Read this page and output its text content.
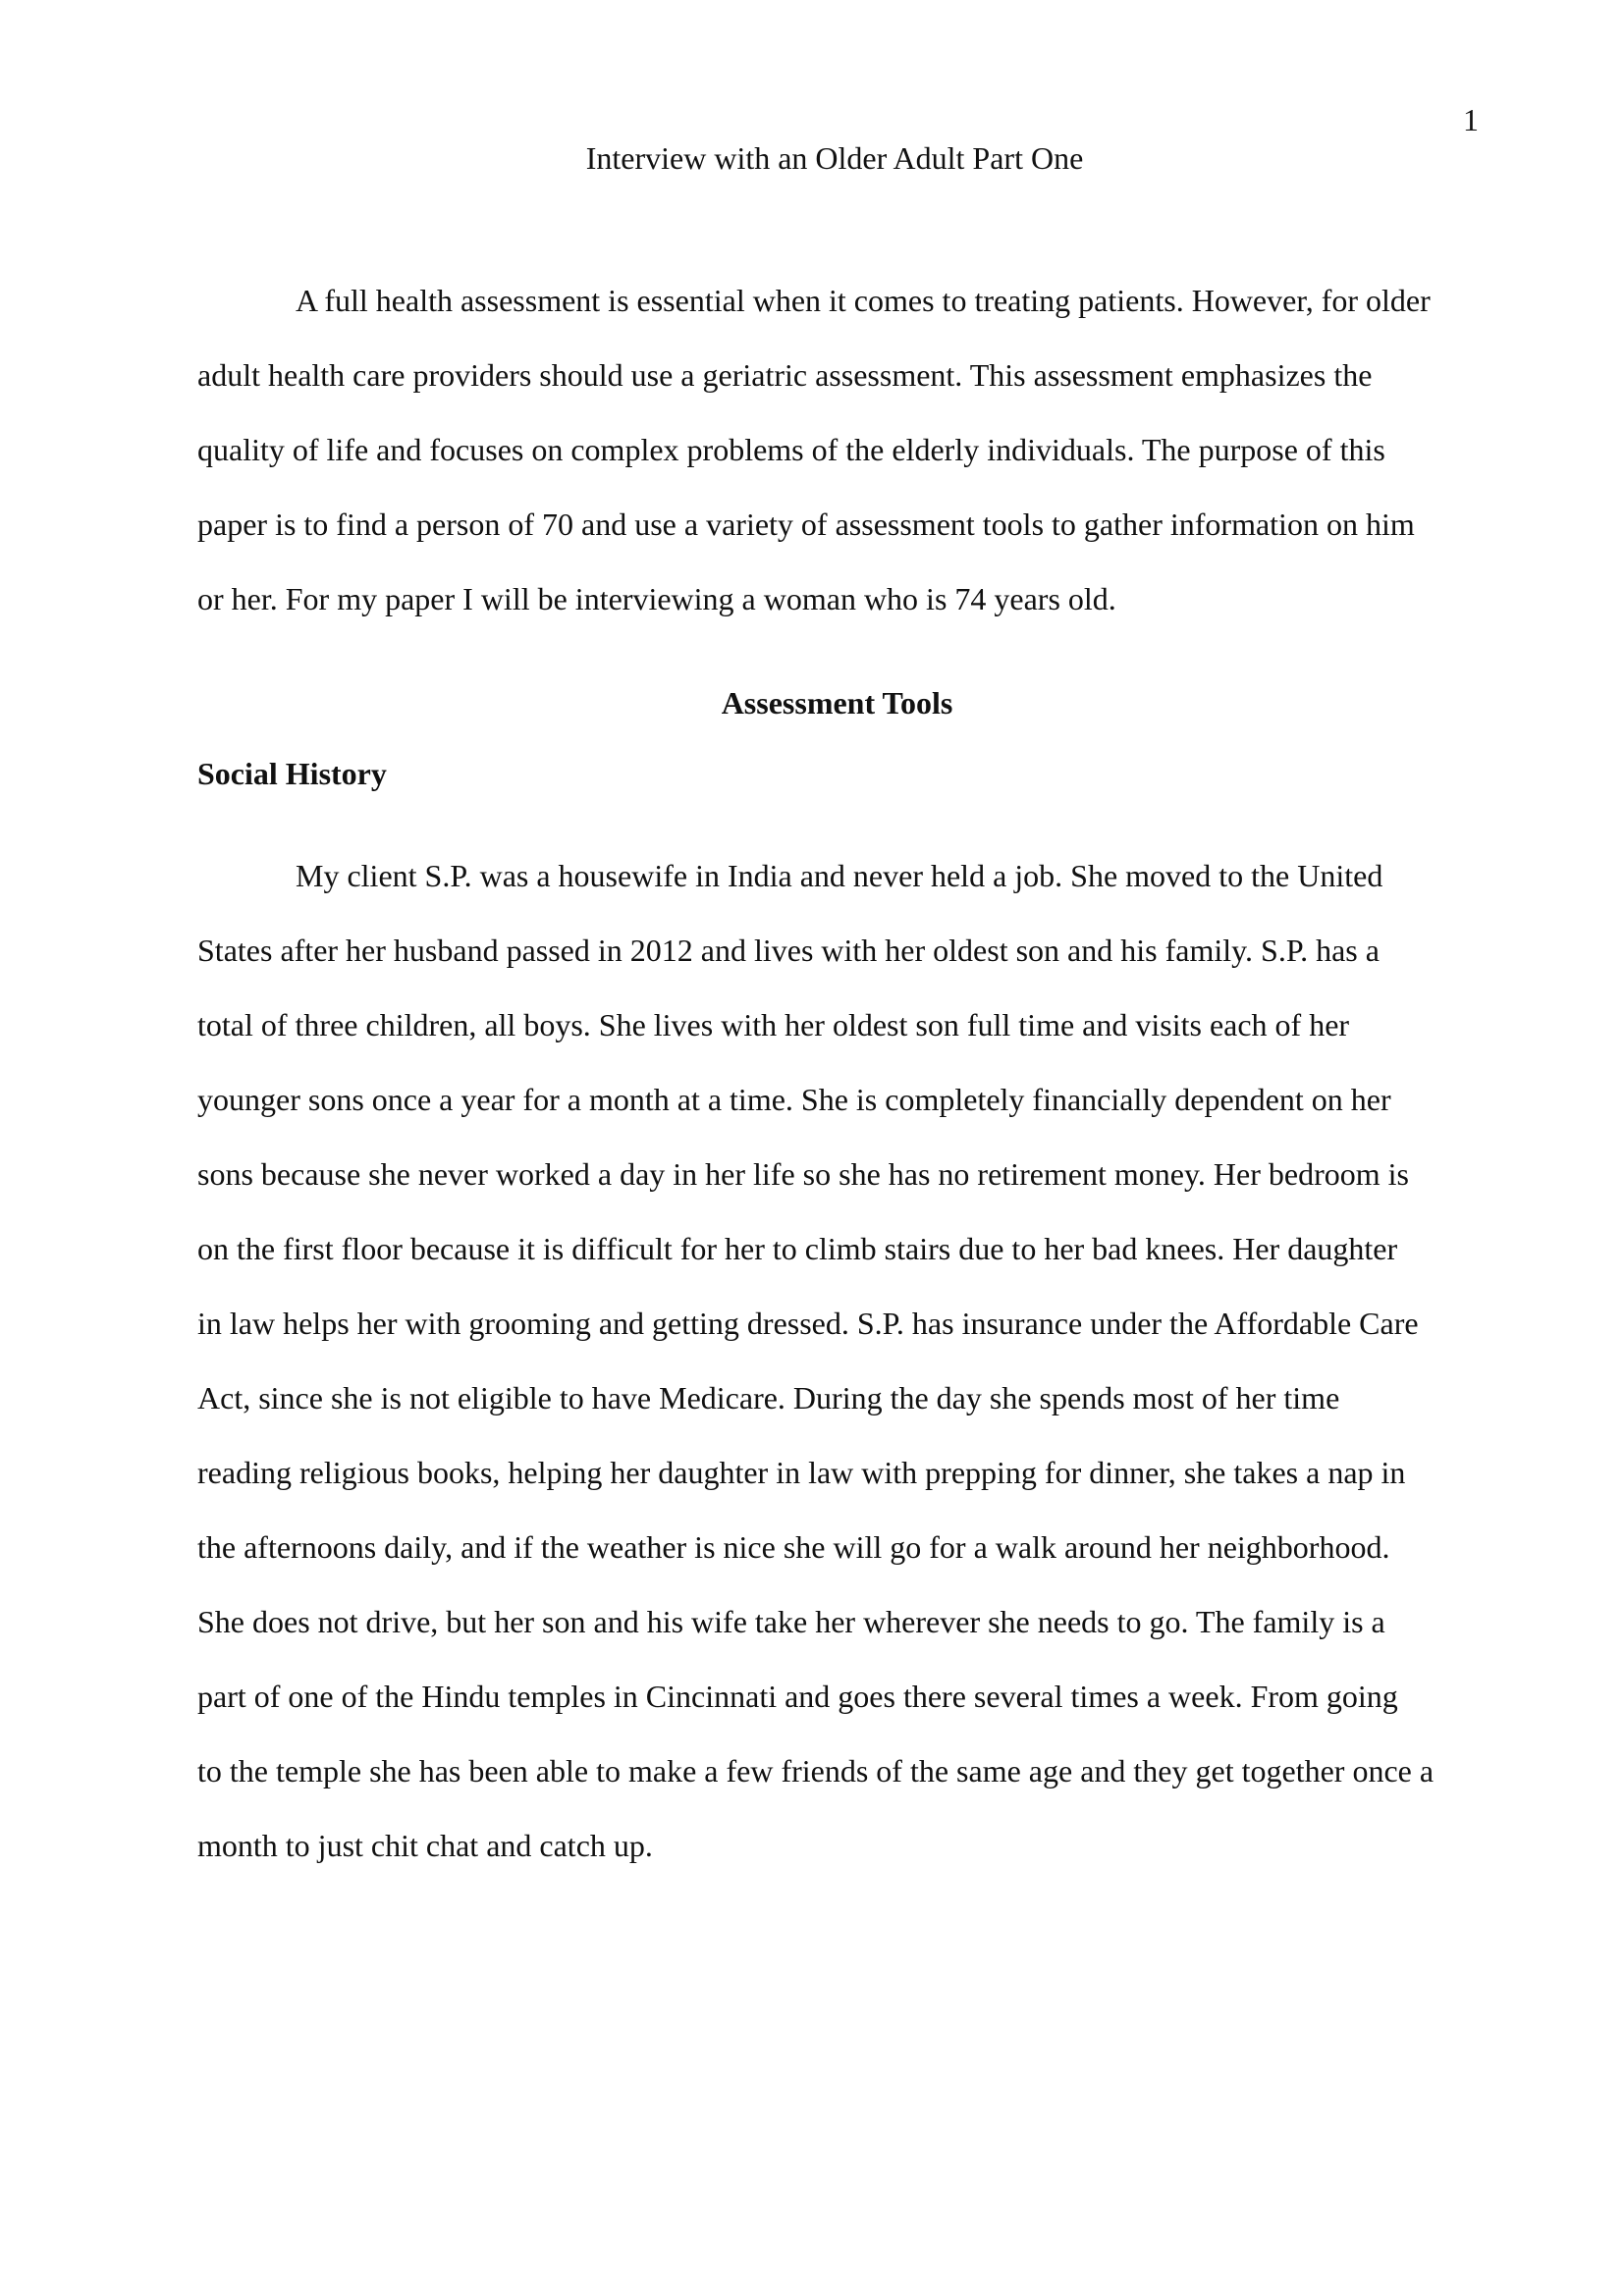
1
Interview with an Older Adult Part One
A full health assessment is essential when it comes to treating patients. However, for older
adult health care providers should use a geriatric assessment. This assessment emphasizes the
quality of life and focuses on complex problems of the elderly individuals. The purpose of this
paper is to find a person of 70 and use a variety of assessment tools to gather information on him
or her. For my paper I will be interviewing a woman who is 74 years old.
Assessment Tools
Social History
My client S.P. was a housewife in India and never held a job. She moved to the United
States after her husband passed in 2012 and lives with her oldest son and his family. S.P. has a
total of three children, all boys. She lives with her oldest son full time and visits each of her
younger sons once a year for a month at a time. She is completely financially dependent on her
sons because she never worked a day in her life so she has no retirement money. Her bedroom is
on the first floor because it is difficult for her to climb stairs due to her bad knees. Her daughter
in law helps her with grooming and getting dressed. S.P. has insurance under the Affordable Care
Act, since she is not eligible to have Medicare. During the day she spends most of her time
reading religious books, helping her daughter in law with prepping for dinner, she takes a nap in
the afternoons daily, and if the weather is nice she will go for a walk around her neighborhood.
She does not drive, but her son and his wife take her wherever she needs to go. The family is a
part of one of the Hindu temples in Cincinnati and goes there several times a week. From going
to the temple she has been able to make a few friends of the same age and they get together once a
month to just chit chat and catch up.
